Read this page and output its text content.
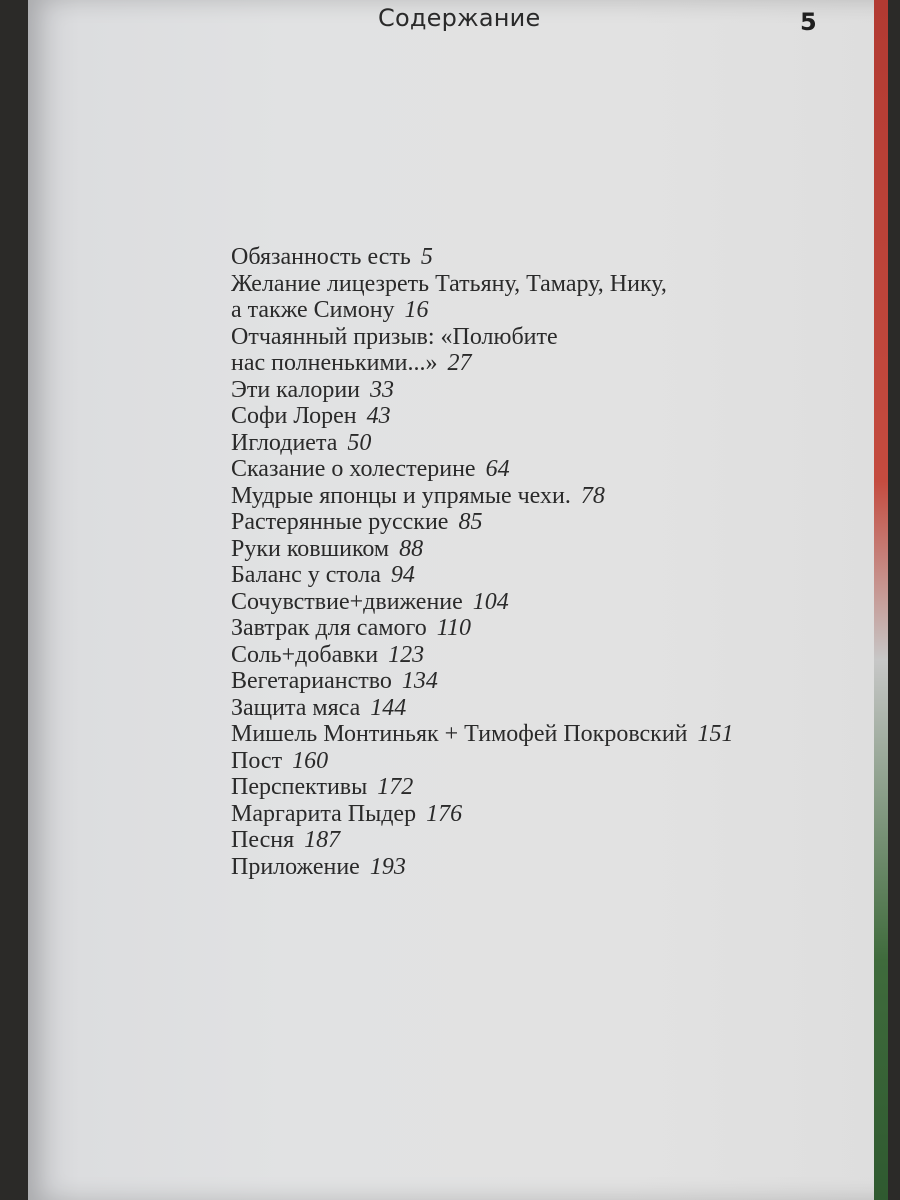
Содержание	5
Обязанность есть 5
Желание лицезреть Татьяну, Тамару, Нику,
а также Симону 16
Отчаянный призыв: «Полюбите
нас полненькими...» 27
Эти калории 33
Софи Лорен 43
Иглодиета 50
Сказание о холестерине 64
Мудрые японцы и упрямые чехи. 78
Растерянные русские 85
Руки ковшиком 88
Баланс у стола 94
Сочувствие+движение 104
Завтрак для самого 110
Соль+добавки 123
Вегетарианство 134
Защита мяса 144
Мишель Монтиньяк + Тимофей Покровский 151
Пост 160
Перспективы 172
Маргарита Пыдер 176
Песня 187
Приложение 193
